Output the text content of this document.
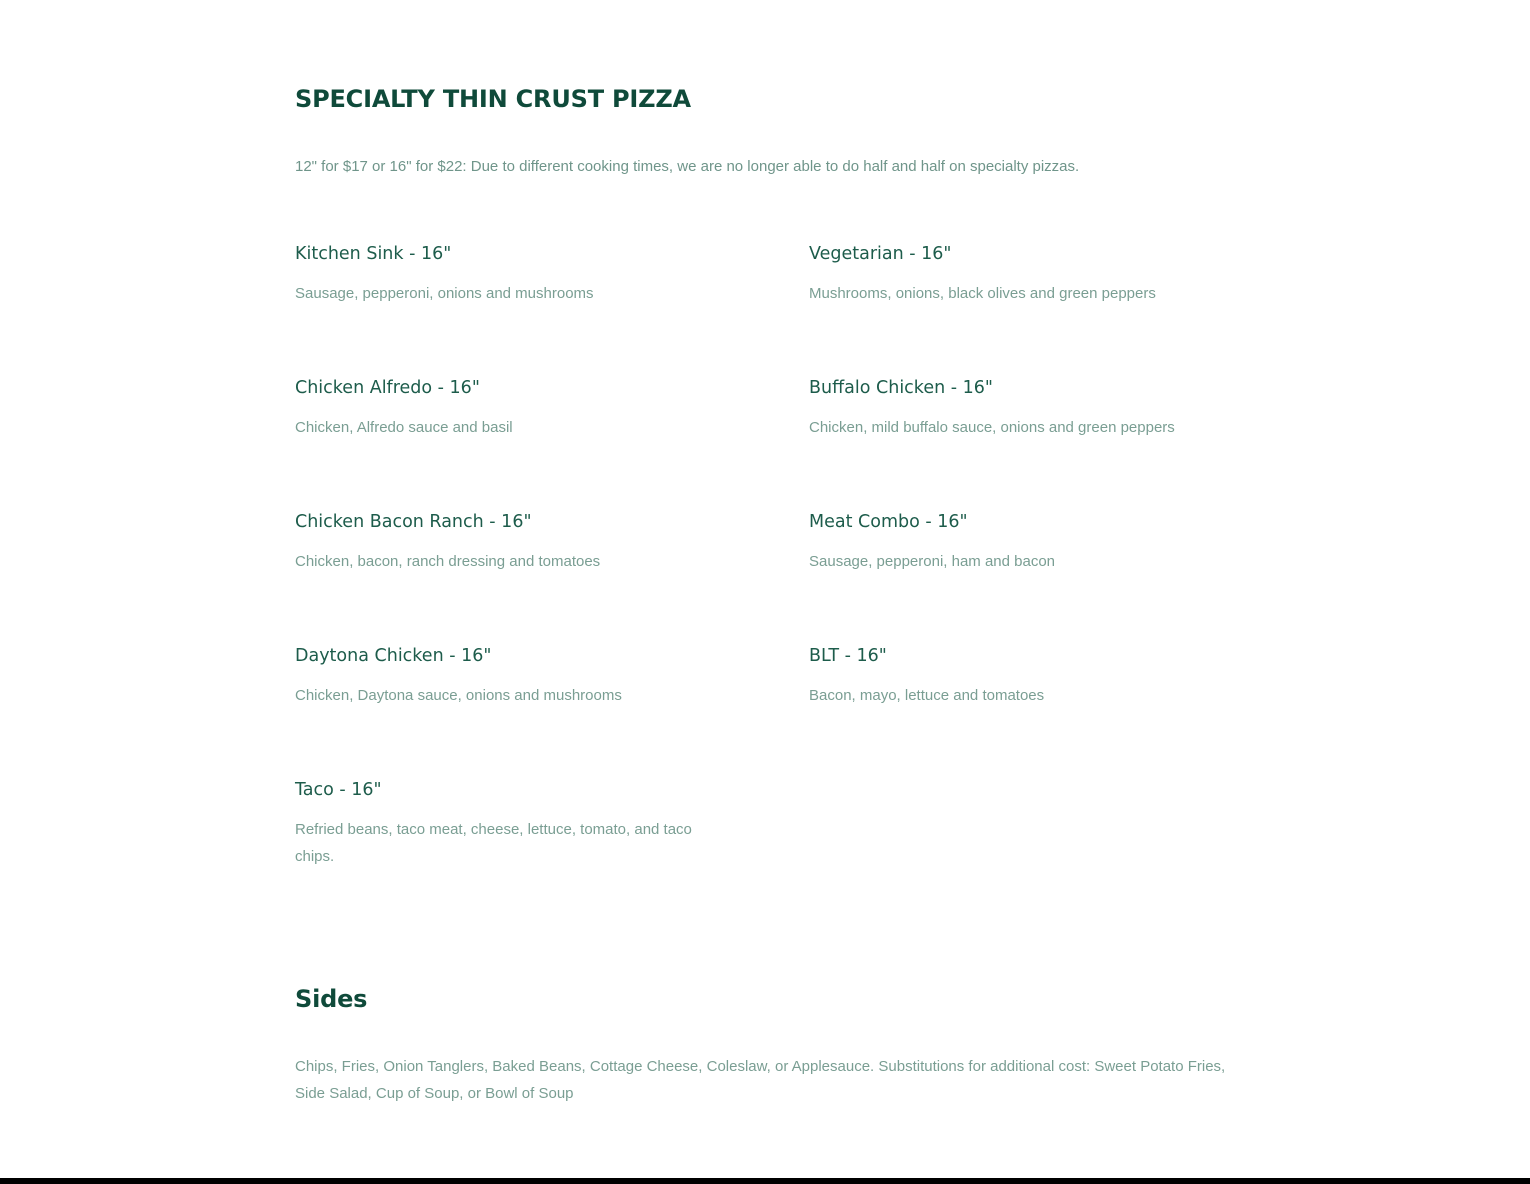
SPECIALTY THIN CRUST PIZZA

12" for $17 or 16" for $22: Due to different cooking times, we are no longer able to do half and half on specialty pizzas.

Kitchen Sink - 16"

Sausage, pepperoni, onions and mushrooms

Vegetarian - 16"

Mushrooms, onions, black olives and green peppers

Chicken Alfredo - 16"

Chicken, Alfredo sauce and basil

Buffalo Chicken - 16"

Chicken, mild buffalo sauce, onions and green peppers

Chicken Bacon Ranch - 16"

Chicken, bacon, ranch dressing and tomatoes

Meat Combo - 16"

Sausage, pepperoni, ham and bacon

Daytona Chicken - 16"

Chicken, Daytona sauce, onions and mushrooms

BLT - 16"

Bacon, mayo, lettuce and tomatoes

Taco - 16"

Refried beans, taco meat, cheese, lettuce, tomato, and taco chips.

Sides

Chips, Fries, Onion Tanglers, Baked Beans, Cottage Cheese, Coleslaw, or Applesauce. Substitutions for additional cost: Sweet Potato Fries, Side Salad, Cup of Soup, or Bowl of Soup
